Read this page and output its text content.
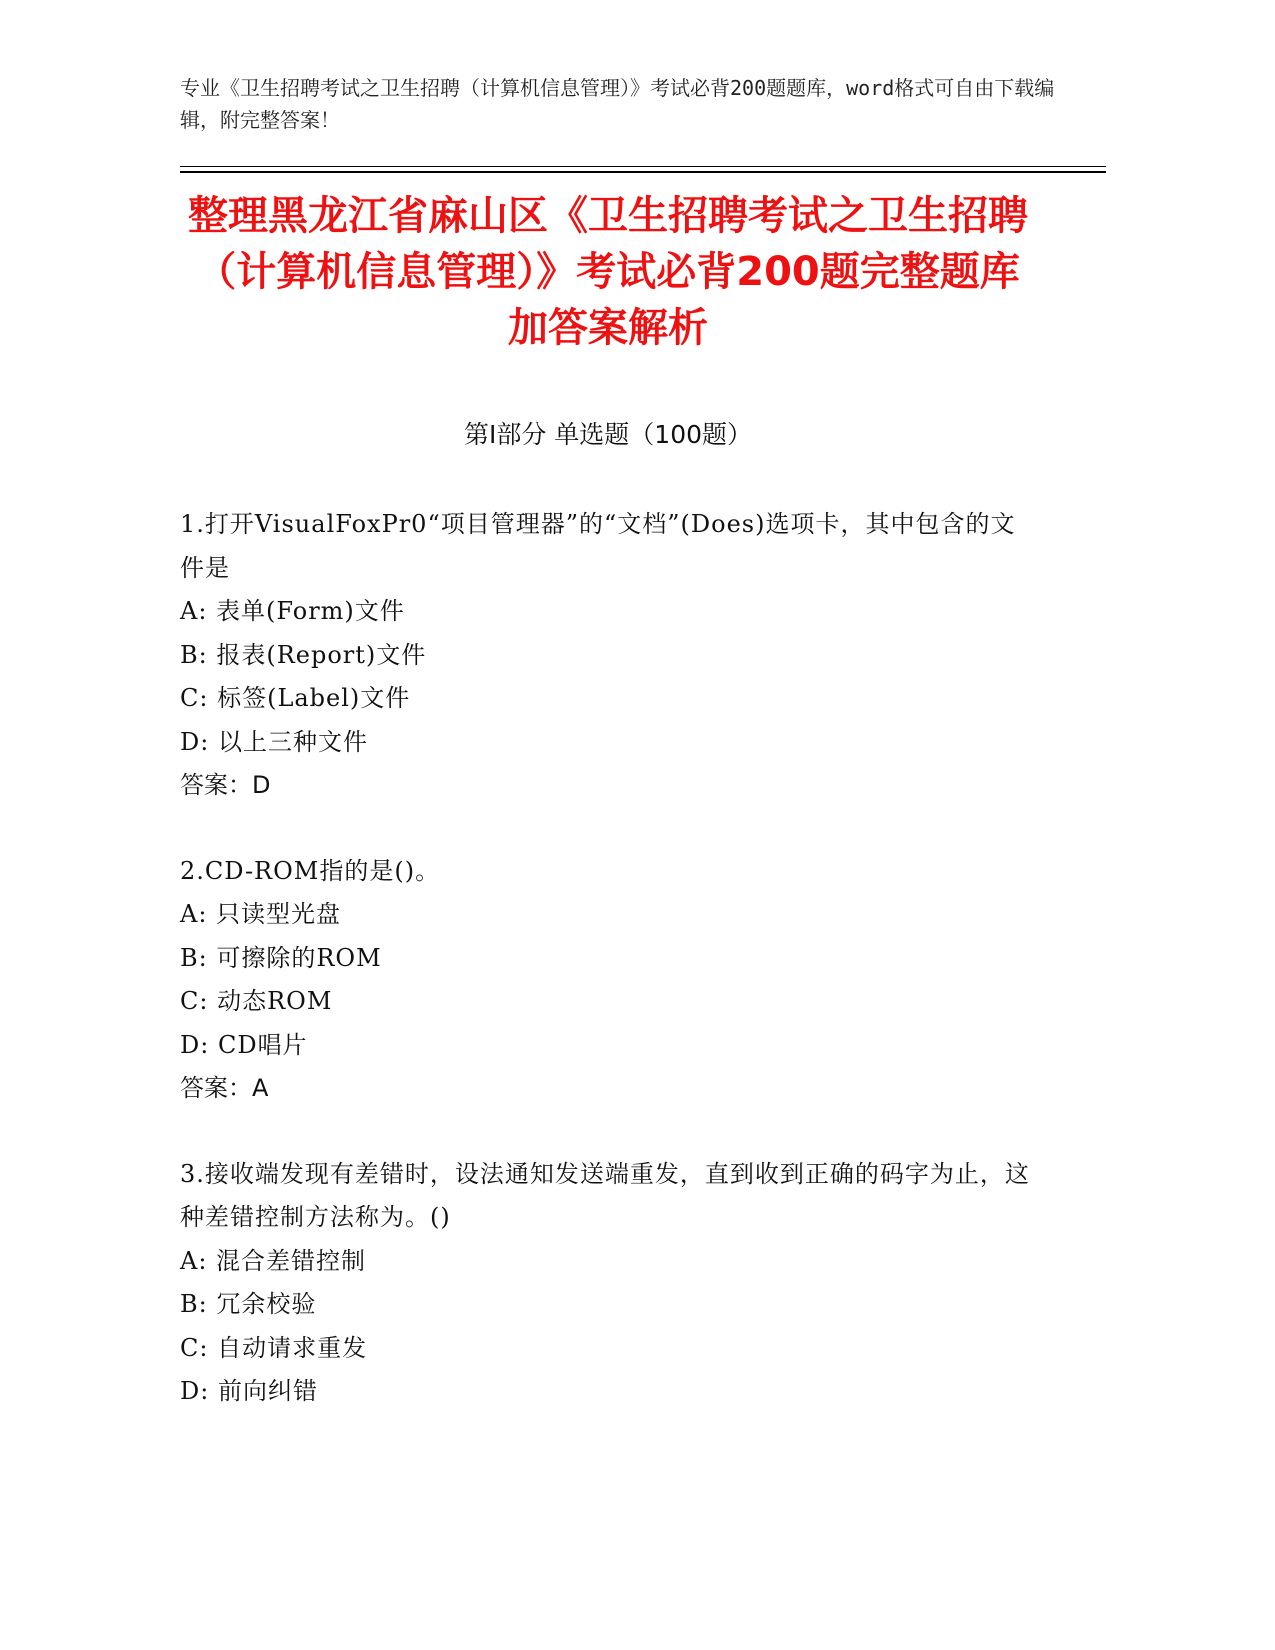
专业《卫生招聘考试之卫生招聘（计算机信息管理）》考试必背200题题库，word格式可自由下载编辑，附完整答案！
整理黑龙江省麻山区《卫生招聘考试之卫生招聘（计算机信息管理）》考试必背200题完整题库加答案解析
第Ⅰ部分 单选题（100题）
1.打开VisualFoxPr0“项目管理器”的“文档”(Does)选项卡，其中包含的文件是
A: 表单(Form)文件
B: 报表(Report)文件
C: 标签(Label)文件
D: 以上三种文件
答案：D
2.CD-ROM指的是()。
A: 只读型光盘
B: 可擦除的ROM
C: 动态ROM
D: CD唱片
答案：A
3.接收端发现有差错时，设法通知发送端重发，直到收到正确的码字为止，这种差错控制方法称为。()
A: 混合差错控制
B: 冗余校验
C: 自动请求重发
D: 前向纠错
